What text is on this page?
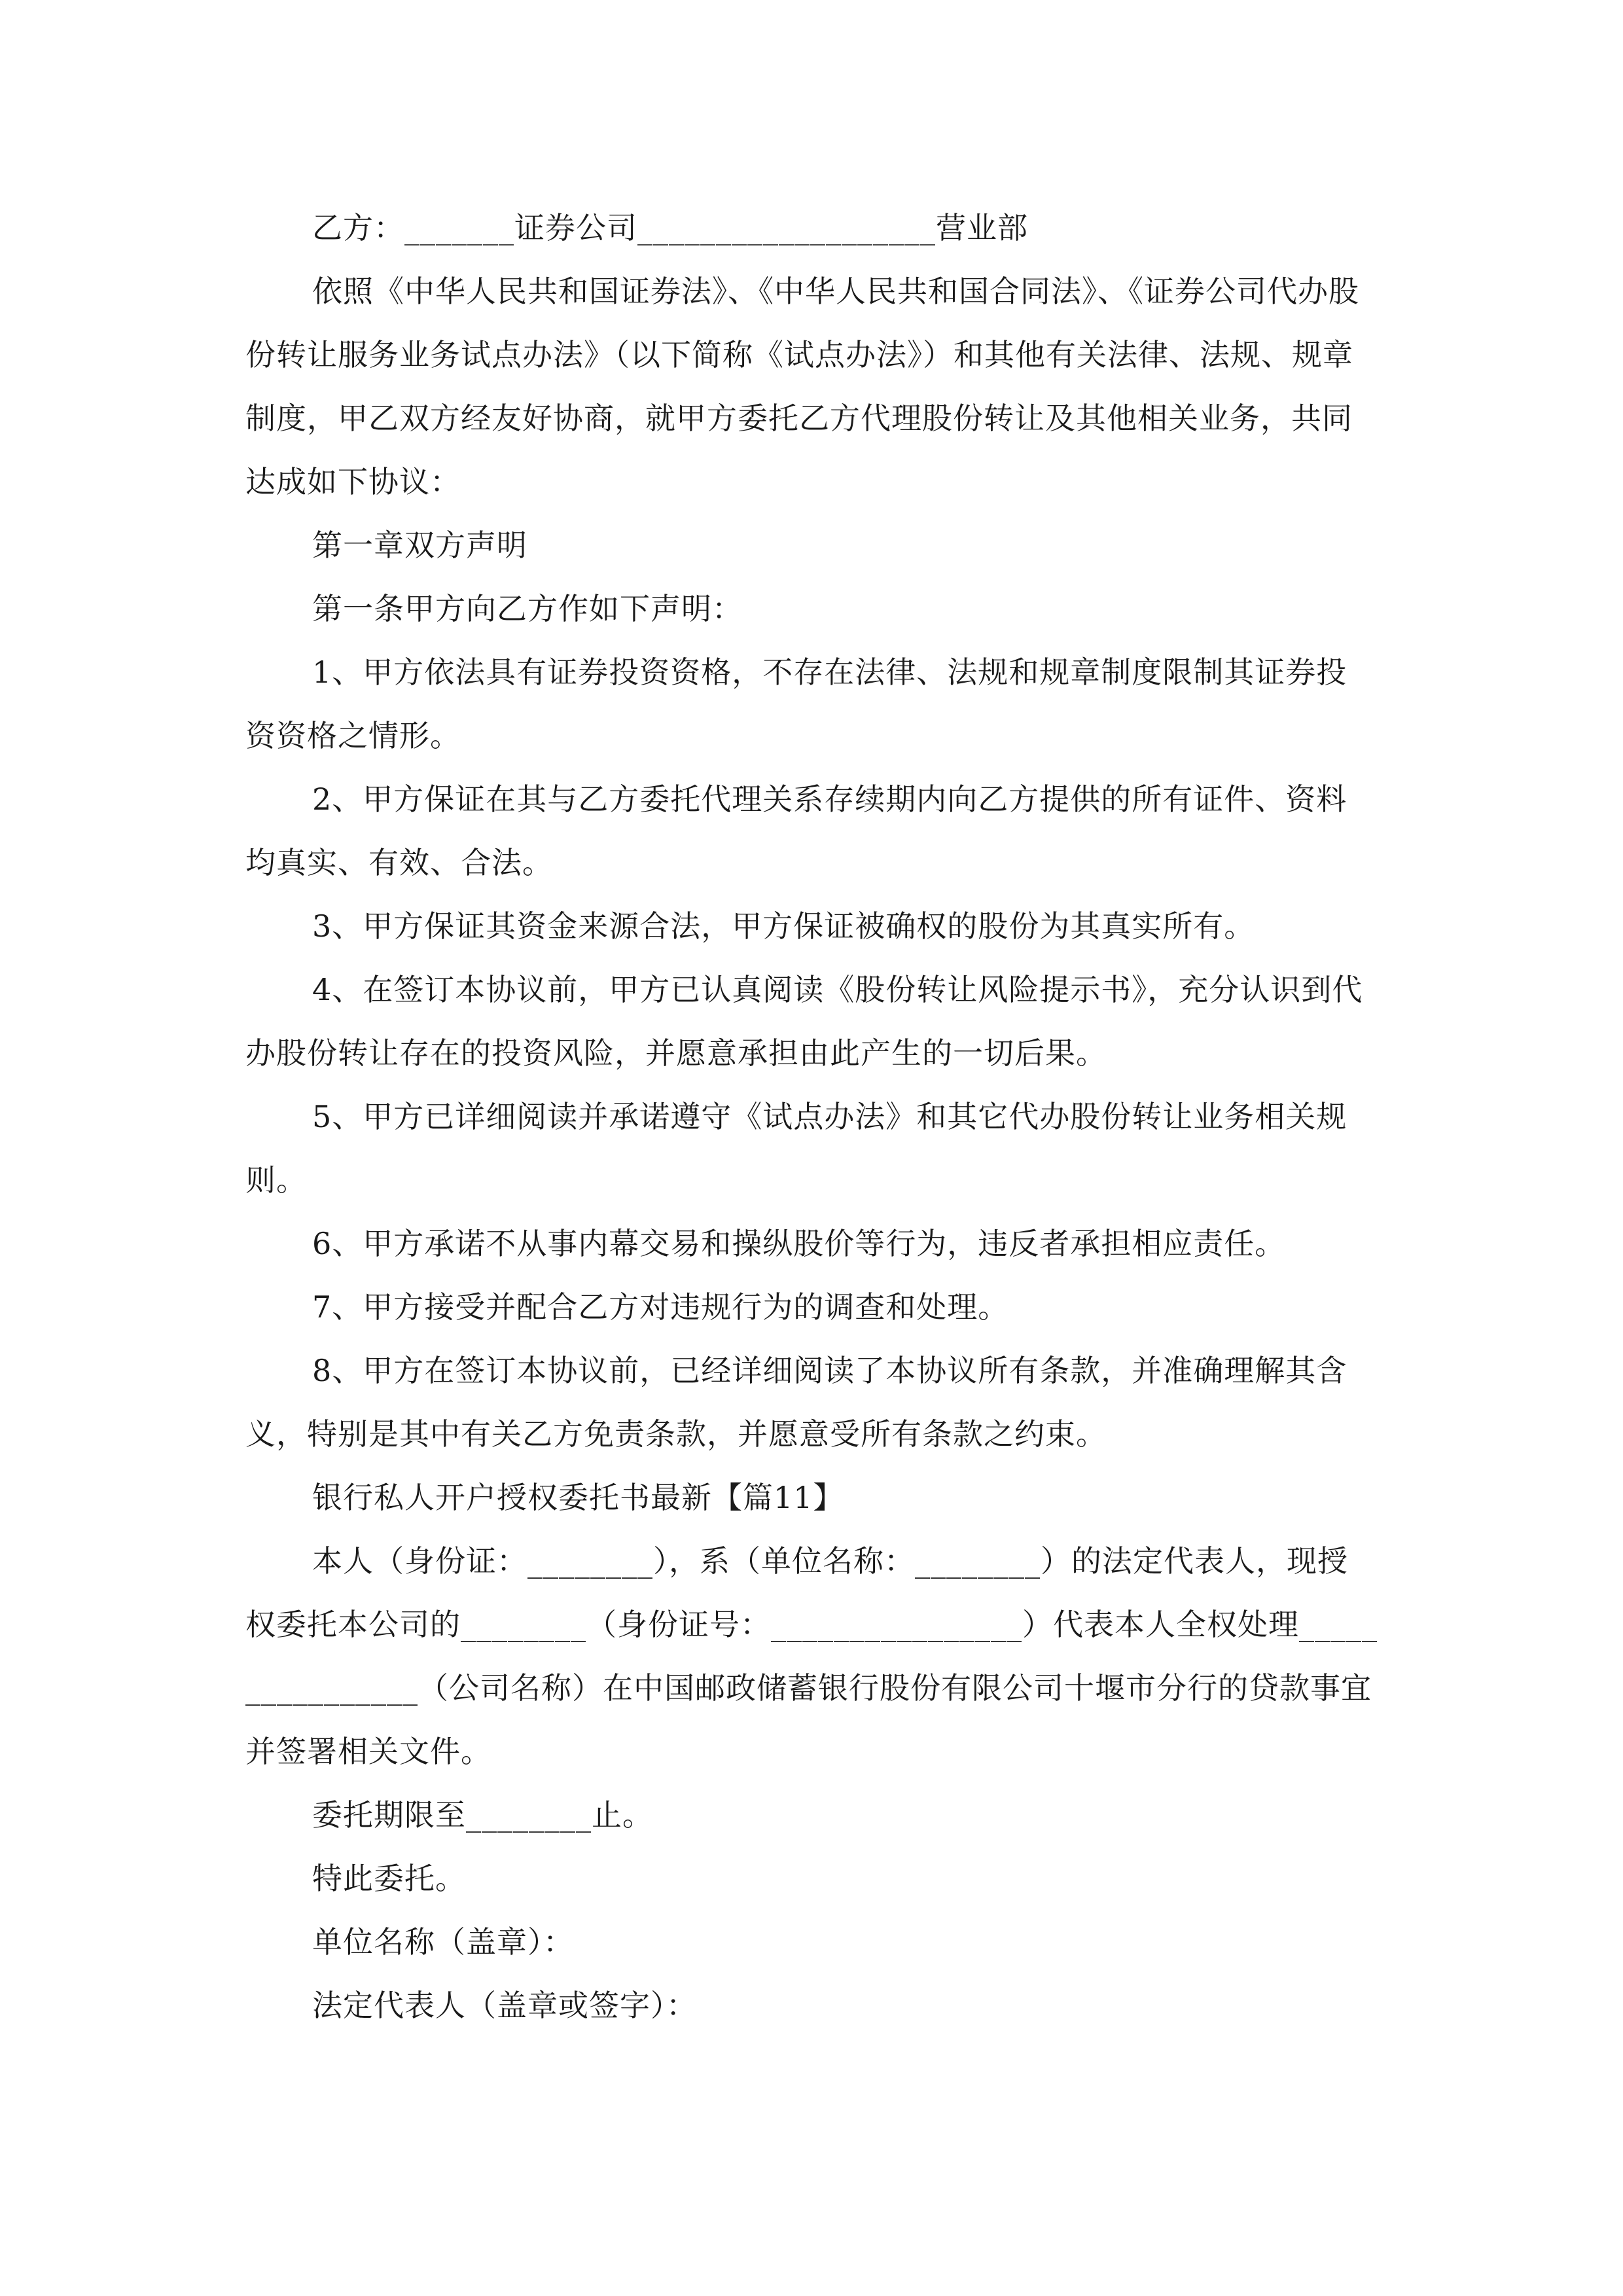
乙方：_______证券公司___________________营业部

依照《中华人民共和国证券法》、《中华人民共和国合同法》、《证券公司代办股份转让服务业务试点办法》（以下简称《试点办法》）和其他有关法律、法规、规章制度，甲乙双方经友好协商，就甲方委托乙方代理股份转让及其他相关业务，共同达成如下协议：

第一章双方声明

第一条甲方向乙方作如下声明：

1、甲方依法具有证券投资资格，不存在法律、法规和规章制度限制其证券投资资格之情形。

2、甲方保证在其与乙方委托代理关系存续期内向乙方提供的所有证件、资料均真实、有效、合法。

3、甲方保证其资金来源合法，甲方保证被确权的股份为其真实所有。

4、在签订本协议前，甲方已认真阅读《股份转让风险提示书》，充分认识到代办股份转让存在的投资风险，并愿意承担由此产生的一切后果。

5、甲方已详细阅读并承诺遵守《试点办法》和其它代办股份转让业务相关规则。

6、甲方承诺不从事内幕交易和操纵股价等行为，违反者承担相应责任。

7、甲方接受并配合乙方对违规行为的调查和处理。

8、甲方在签订本协议前，已经详细阅读了本协议所有条款，并准确理解其含义，特别是其中有关乙方免责条款，并愿意受所有条款之约束。

银行私人开户授权委托书最新【篇11】

本人（身份证：________），系（单位名称：________）的法定代表人，现授权委托本公司的________（身份证号：________________）代表本人全权处理________________（公司名称）在中国邮政储蓄银行股份有限公司十堰市分行的贷款事宜并签署相关文件。

委托期限至________止。

特此委托。

单位名称（盖章）：

法定代表人（盖章或签字）：
